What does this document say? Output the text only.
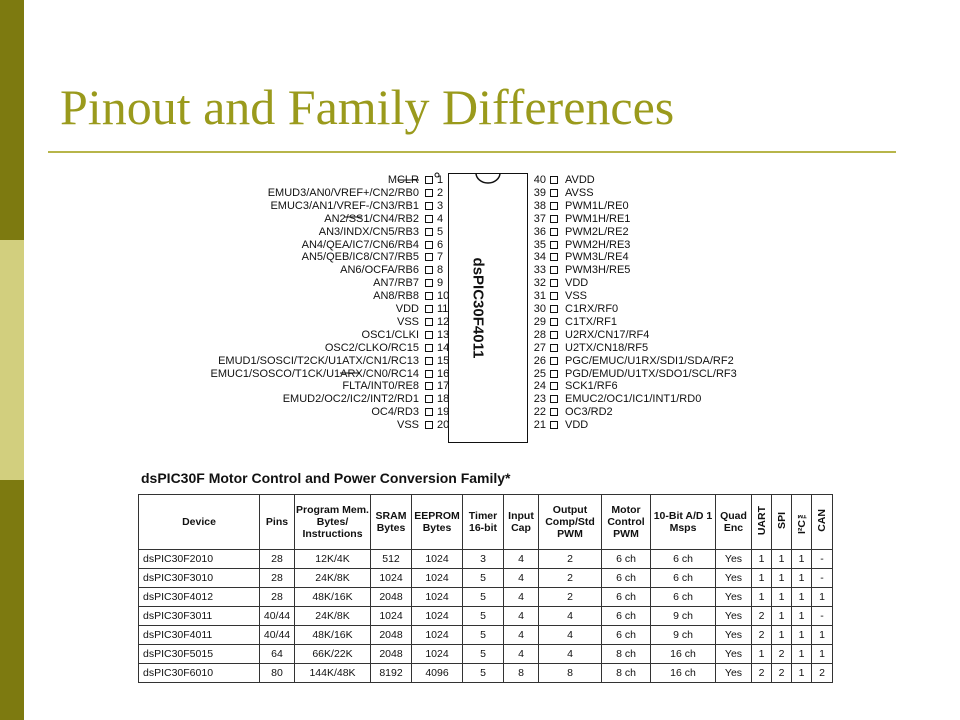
Pinout and Family Differences
dsPIC30F4011
MCLR 1
EMUD3/AN0/VREF+/CN2/RB0 2
EMUC3/AN1/VREF-/CN3/RB1 3
AN2/SS1/CN4/RB2 4
AN3/INDX/CN5/RB3 5
AN4/QEA/IC7/CN6/RB4 6
AN5/QEB/IC8/CN7/RB5 7
AN6/OCFA/RB6 8
AN7/RB7 9
AN8/RB8 10
VDD 11
VSS 12
OSC1/CLKI 13
OSC2/CLKO/RC15 14
EMUD1/SOSCI/T2CK/U1ATX/CN1/RC13 15
EMUC1/SOSCO/T1CK/U1ARX/CN0/RC14 16
FLTA/INT0/RE8 17
EMUD2/OC2/IC2/INT2/RD1 18
OC4/RD3 19
VSS 20
40 AVDD
39 AVSS
38 PWM1L/RE0
37 PWM1H/RE1
36 PWM2L/RE2
35 PWM2H/RE3
34 PWM3L/RE4
33 PWM3H/RE5
32 VDD
31 VSS
30 C1RX/RF0
29 C1TX/RF1
28 U2RX/CN17/RF4
27 U2TX/CN18/RF5
26 PGC/EMUC/U1RX/SDI1/SDA/RF2
25 PGD/EMUD/U1TX/SDO1/SCL/RF3
24 SCK1/RF6
23 EMUC2/OC1/IC1/INT1/RD0
22 OC3/RD2
21 VDD
dsPIC30F Motor Control and Power Conversion Family*
Device	Pins	Program Mem. Bytes/ Instructions	SRAM Bytes	EEPROM Bytes	Timer 16-bit	Input Cap	Output Comp/Std PWM	Motor Control PWM	10-Bit A/D 1 Msps	Quad Enc	UART	SPI	I²C™	CAN
dsPIC30F2010	28	12K/4K	512	1024	3	4	2	6 ch	6 ch	Yes	1	1	1	-
dsPIC30F3010	28	24K/8K	1024	1024	5	4	2	6 ch	6 ch	Yes	1	1	1	-
dsPIC30F4012	28	48K/16K	2048	1024	5	4	2	6 ch	6 ch	Yes	1	1	1	1
dsPIC30F3011	40/44	24K/8K	1024	1024	5	4	4	6 ch	9 ch	Yes	2	1	1	-
dsPIC30F4011	40/44	48K/16K	2048	1024	5	4	4	6 ch	9 ch	Yes	2	1	1	1
dsPIC30F5015	64	66K/22K	2048	1024	5	4	4	8 ch	16 ch	Yes	1	2	1	1
dsPIC30F6010	80	144K/48K	8192	4096	5	8	8	8 ch	16 ch	Yes	2	2	1	2
